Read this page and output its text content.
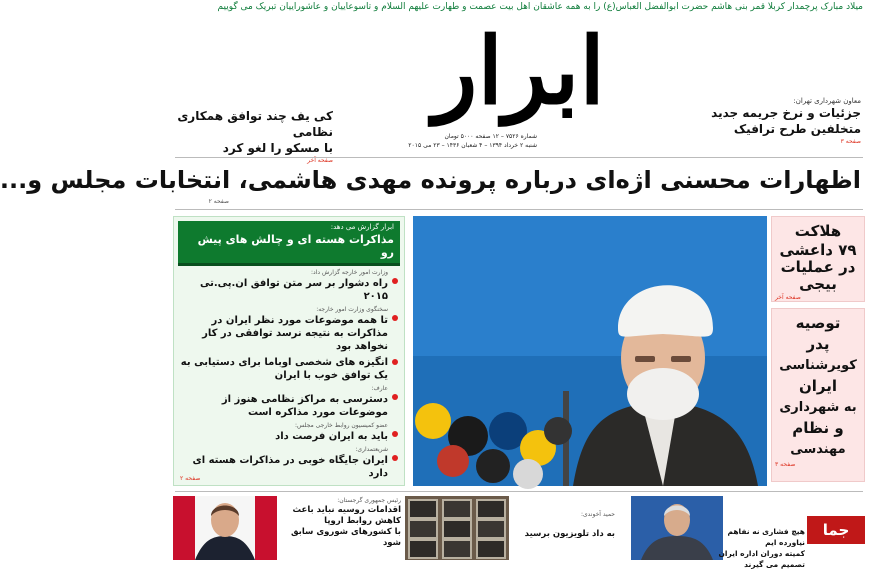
میلاد مبارک پرچمدار کربلا قمر بنی هاشم حضرت ابوالفضل العباس(ع) را به همه عاشقان اهل بیت عصمت و طهارت علیهم السلام و تاسوعاییان و عاشوراییان تبریک می گوییم
ابرار
شماره ۷۵۲۶ – ۱۲ صفحه ۵۰۰۰ تومان
شنبه ۲ خرداد ۱۳۹۴ – ۴ شعبان ۱۴۳۶ – ۲۳ می ۲۰۱۵
معاون شهرداری تهران:
جزئیات و نرخ جریمه جدید
متخلفین طرح ترافیک
صفحه ۳
کی یف چند توافق همکاری نظامی
با مسکو را لغو کرد
صفحه آخر
اظهارات محسنی اژه‌ای درباره پرونده مهدی هاشمی، انتخابات مجلس و...
صفحه ۲
هلاکت
۷۹ داعشی
در عملیات
بیجی
صفحه آخر
توصیه
پدر
کویرشناسی
ایران
به شهرداری
و نظام
مهندسی
صفحه ۳
ابرار گزارش می دهد:
مذاکرات هسته ای و چالش های پیش رو
وزارت امور خارجه گزارش داد:
راه دشوار بر سر متن توافق ان.پی.تی ۲۰۱۵
سخنگوی وزارت امور خارجه:
تا همه موضوعات مورد نظر ایران در مذاکرات به نتیجه نرسد توافقی در کار نخواهد بود
انگیزه های شخصی اوباما برای دستیابی به یک توافق خوب با ایران
عارف:
دسترسی به مراکز نظامی هنوز از موضوعات مورد مذاکره است
عضو کمیسیون روابط خارجی مجلس:
باید به ایران فرصت داد
شریعتمداری:
ایران جایگاه خوبی در مذاکرات هسته ای دارد
صفحه ۲
رئیس جمهوری گرجستان:
اقدامات روسیه نباید باعث
کاهش روابط اروپا
با کشورهای شوروی سابق شود
حمید آخوندی:
به داد تلویزیون برسید	هیچ فشاری نه نفاهم نیاورده ایم
کمیته دوران اداره ایران تصمیم می گیرند
جما
